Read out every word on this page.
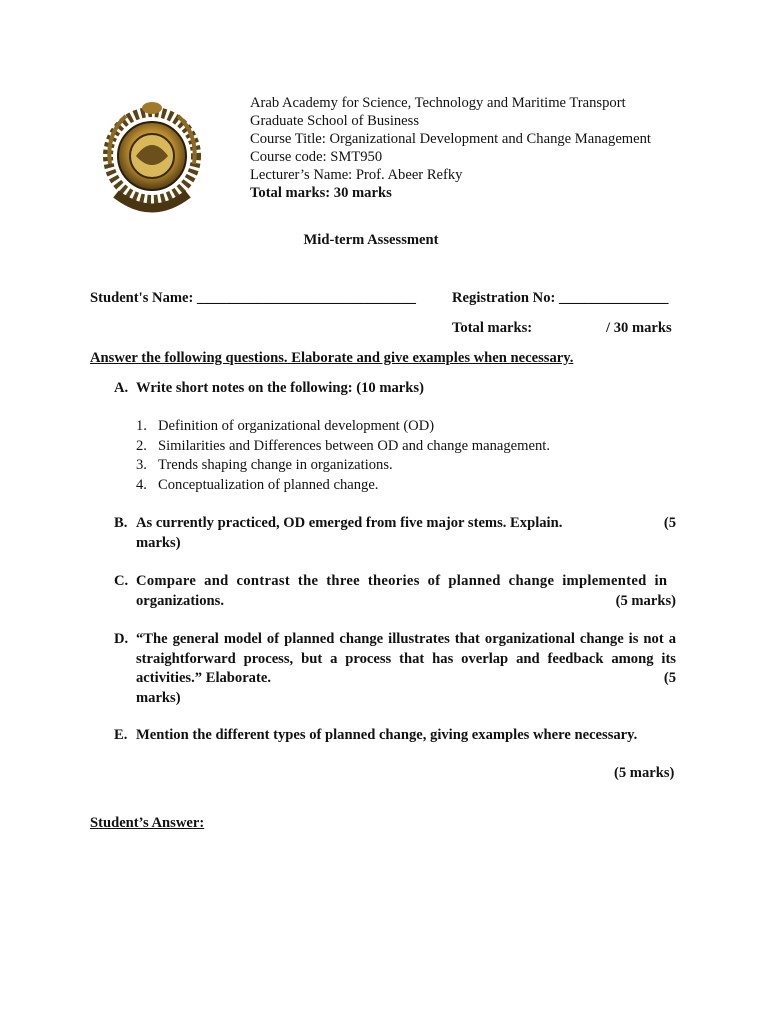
Arab Academy for Science, Technology and Maritime Transport
Graduate School of Business
Course Title: Organizational Development and Change Management
Course code: SMT950
Lecturer’s Name: Prof. Abeer Refky
Total marks: 30 marks
Mid-term Assessment
Student's Name: ______________________________ Registration No: _______________
Total marks:	/ 30 marks
Answer the following questions. Elaborate and give examples when necessary.
A. Write short notes on the following: (10 marks)
1. Definition of organizational development (OD)
2. Similarities and Differences between OD and change management.
3. Trends shaping change in organizations.
4. Conceptualization of planned change.
B. As currently practiced, OD emerged from five major stems. Explain.	(5
marks)
C. Compare and contrast the three theories of planned change implemented in
organizations.	(5 marks)
D. “The general model of planned change illustrates that organizational change is not a straightforward process, but a process that has overlap and feedback among its
activities.” Elaborate.	(5
marks)
E. Mention the different types of planned change, giving examples where necessary.
(5 marks)
Student’s Answer:
